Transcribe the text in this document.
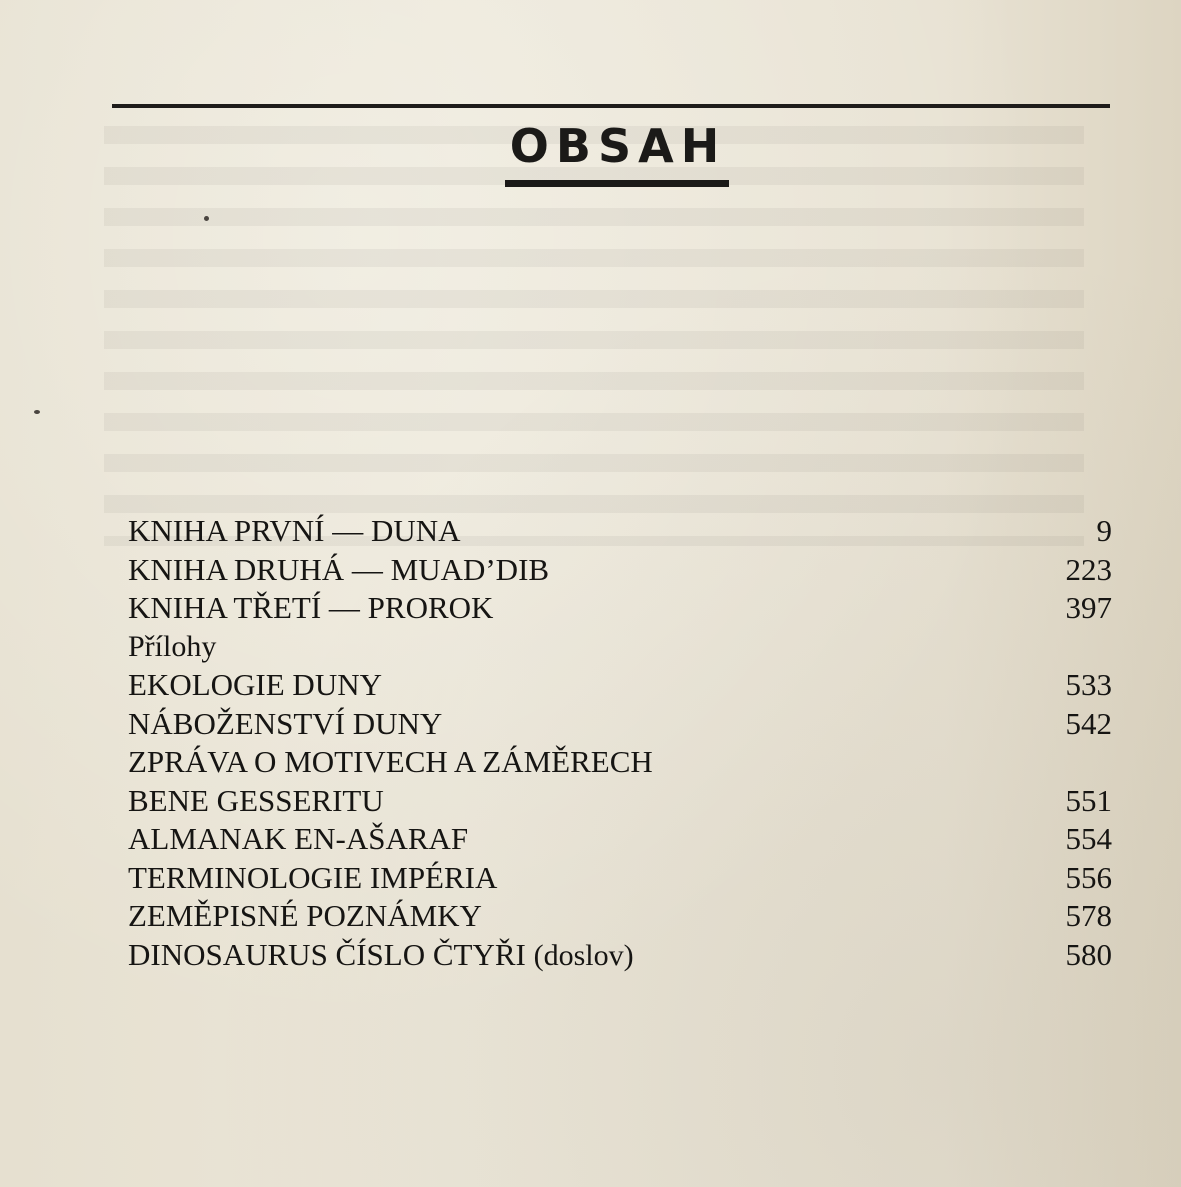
OBSAH
KNIHA PRVNÍ — DUNA	9
KNIHA DRUHÁ — MUAD’DIB	223
KNIHA TŘETÍ — PROROK	397
Přílohy
EKOLOGIE DUNY	533
NÁBOŽENSTVÍ DUNY	542
ZPRÁVA O MOTIVECH A ZÁMĚRECH
BENE GESSERITU	551
ALMANAK EN-AŠARAF	554
TERMINOLOGIE IMPÉRIA	556
ZEMĚPISNÉ POZNÁMKY	578
DINOSAURUS ČÍSLO ČTYŘI (doslov)	580
